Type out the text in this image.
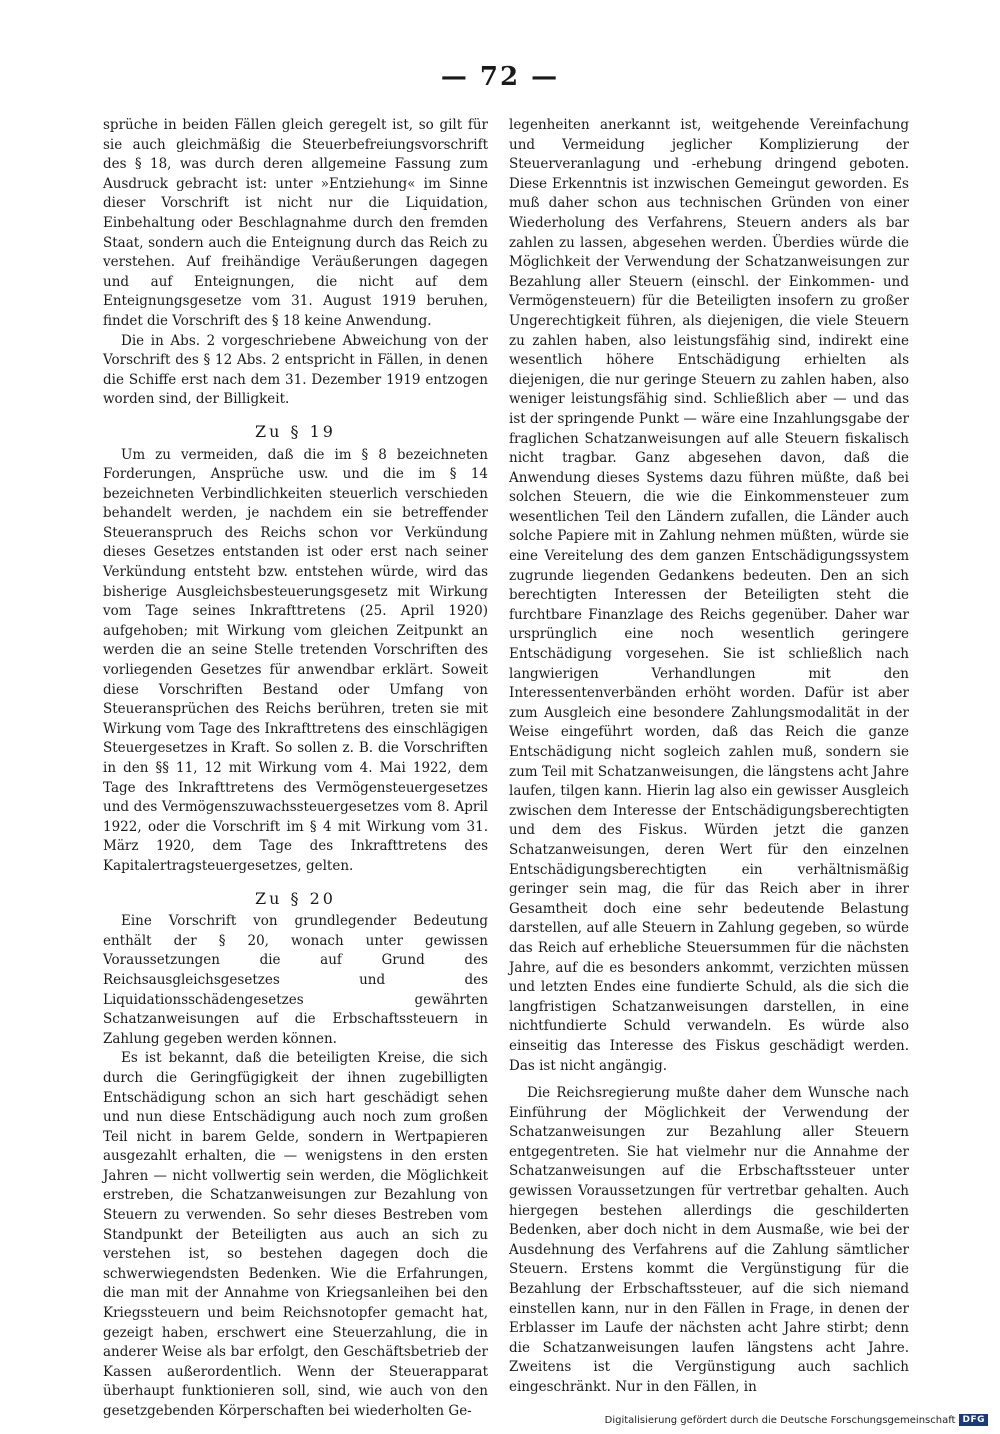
— 72 —

sprüche in beiden Fällen gleich geregelt ist, so gilt für sie auch gleichmäßig die Steuerbefreiungsvorschrift des § 18, was durch deren allgemeine Fassung zum Ausdruck gebracht ist: unter »Entziehung« im Sinne dieser Vorschrift ist nicht nur die Liquidation, Einbehaltung oder Beschlagnahme durch den fremden Staat, sondern auch die Enteignung durch das Reich zu verstehen. Auf freihändige Veräußerungen dagegen und auf Enteignungen, die nicht auf dem Enteignungsgesetze vom 31. August 1919 beruhen, findet die Vorschrift des § 18 keine Anwendung.

Die in Abs. 2 vorgeschriebene Abweichung von der Vorschrift des § 12 Abs. 2 entspricht in Fällen, in denen die Schiffe erst nach dem 31. Dezember 1919 entzogen worden sind, der Billigkeit.

Zu § 19

Um zu vermeiden, daß die im § 8 bezeichneten Forderungen, Ansprüche usw. und die im § 14 bezeichneten Verbindlichkeiten steuerlich verschieden behandelt werden, je nachdem ein sie betreffender Steueranspruch des Reichs schon vor Verkündung dieses Gesetzes entstanden ist oder erst nach seiner Verkündung entsteht bzw. entstehen würde, wird das bisherige Ausgleichsbesteuerungsgesetz mit Wirkung vom Tage seines Inkrafttretens (25. April 1920) aufgehoben; mit Wirkung vom gleichen Zeitpunkt an werden die an seine Stelle tretenden Vorschriften des vorliegenden Gesetzes für anwendbar erklärt. Soweit diese Vorschriften Bestand oder Umfang von Steueransprüchen des Reichs berühren, treten sie mit Wirkung vom Tage des Inkrafttretens des einschlägigen Steuergesetzes in Kraft. So sollen z. B. die Vorschriften in den §§ 11, 12 mit Wirkung vom 4. Mai 1922, dem Tage des Inkrafttretens des Vermögensteuergesetzes und des Vermögenszuwachssteuergesetzes vom 8. April 1922, oder die Vorschrift im § 4 mit Wirkung vom 31. März 1920, dem Tage des Inkrafttretens des Kapitalertragsteuergesetzes, gelten.

Zu § 20

Eine Vorschrift von grundlegender Bedeutung enthält der § 20, wonach unter gewissen Voraussetzungen die auf Grund des Reichsausgleichsgesetzes und des Liquidationsschädengesetzes gewährten Schatzanweisungen auf die Erbschaftssteuern in Zahlung gegeben werden können.

Es ist bekannt, daß die beteiligten Kreise, die sich durch die Geringfügigkeit der ihnen zugebilligten Entschädigung schon an sich hart geschädigt sehen und nun diese Entschädigung auch noch zum großen Teil nicht in barem Gelde, sondern in Wertpapieren ausgezahlt erhalten, die — wenigstens in den ersten Jahren — nicht vollwertig sein werden, die Möglichkeit erstreben, die Schatzanweisungen zur Bezahlung von Steuern zu verwenden. So sehr dieses Bestreben vom Standpunkt der Beteiligten aus auch an sich zu verstehen ist, so bestehen dagegen doch die schwerwiegendsten Bedenken. Wie die Erfahrungen, die man mit der Annahme von Kriegsanleihen bei den Kriegssteuern und beim Reichsnotopfer gemacht hat, gezeigt haben, erschwert eine Steuerzahlung, die in anderer Weise als bar erfolgt, den Geschäftsbetrieb der Kassen außerordentlich. Wenn der Steuerapparat überhaupt funktionieren soll, sind, wie auch von den gesetzgebenden Körperschaften bei wiederholten Ge-

legenheiten anerkannt ist, weitgehende Vereinfachung und Vermeidung jeglicher Komplizierung der Steuerveranlagung und -erhebung dringend geboten. Diese Erkenntnis ist inzwischen Gemeingut geworden. Es muß daher schon aus technischen Gründen von einer Wiederholung des Verfahrens, Steuern anders als bar zahlen zu lassen, abgesehen werden. Überdies würde die Möglichkeit der Verwendung der Schatzanweisungen zur Bezahlung aller Steuern (einschl. der Einkommen- und Vermögensteuern) für die Beteiligten insofern zu großer Ungerechtigkeit führen, als diejenigen, die viele Steuern zu zahlen haben, also leistungsfähig sind, indirekt eine wesentlich höhere Entschädigung erhielten als diejenigen, die nur geringe Steuern zu zahlen haben, also weniger leistungsfähig sind. Schließlich aber — und das ist der springende Punkt — wäre eine Inzahlungsgabe der fraglichen Schatzanweisungen auf alle Steuern fiskalisch nicht tragbar. Ganz abgesehen davon, daß die Anwendung dieses Systems dazu führen müßte, daß bei solchen Steuern, die wie die Einkommensteuer zum wesentlichen Teil den Ländern zufallen, die Länder auch solche Papiere mit in Zahlung nehmen müßten, würde sie eine Vereitelung des dem ganzen Entschädigungssystem zugrunde liegenden Gedankens bedeuten. Den an sich berechtigten Interessen der Beteiligten steht die furchtbare Finanzlage des Reichs gegenüber. Daher war ursprünglich eine noch wesentlich geringere Entschädigung vorgesehen. Sie ist schließlich nach langwierigen Verhandlungen mit den Interessentenverbänden erhöht worden. Dafür ist aber zum Ausgleich eine besondere Zahlungsmodalität in der Weise eingeführt worden, daß das Reich die ganze Entschädigung nicht sogleich zahlen muß, sondern sie zum Teil mit Schatzanweisungen, die längstens acht Jahre laufen, tilgen kann. Hierin lag also ein gewisser Ausgleich zwischen dem Interesse der Entschädigungsberechtigten und dem des Fiskus. Würden jetzt die ganzen Schatzanweisungen, deren Wert für den einzelnen Entschädigungsberechtigten ein verhältnismäßig geringer sein mag, die für das Reich aber in ihrer Gesamtheit doch eine sehr bedeutende Belastung darstellen, auf alle Steuern in Zahlung gegeben, so würde das Reich auf erhebliche Steuersummen für die nächsten Jahre, auf die es besonders ankommt, verzichten müssen und letzten Endes eine fundierte Schuld, als die sich die langfristigen Schatzanweisungen darstellen, in eine nichtfundierte Schuld verwandeln. Es würde also einseitig das Interesse des Fiskus geschädigt werden. Das ist nicht angängig.

Die Reichsregierung mußte daher dem Wunsche nach Einführung der Möglichkeit der Verwendung der Schatzanweisungen zur Bezahlung aller Steuern entgegentreten. Sie hat vielmehr nur die Annahme der Schatzanweisungen auf die Erbschaftssteuer unter gewissen Voraussetzungen für vertretbar gehalten. Auch hiergegen bestehen allerdings die geschilderten Bedenken, aber doch nicht in dem Ausmaße, wie bei der Ausdehnung des Verfahrens auf die Zahlung sämtlicher Steuern. Erstens kommt die Vergünstigung für die Bezahlung der Erbschaftssteuer, auf die sich niemand einstellen kann, nur in den Fällen in Frage, in denen der Erblasser im Laufe der nächsten acht Jahre stirbt; denn die Schatzanweisungen laufen längstens acht Jahre. Zweitens ist die Vergünstigung auch sachlich eingeschränkt. Nur in den Fällen, in

Digitalisierung gefördert durch die Deutsche Forschungsgemeinschaft DFG
